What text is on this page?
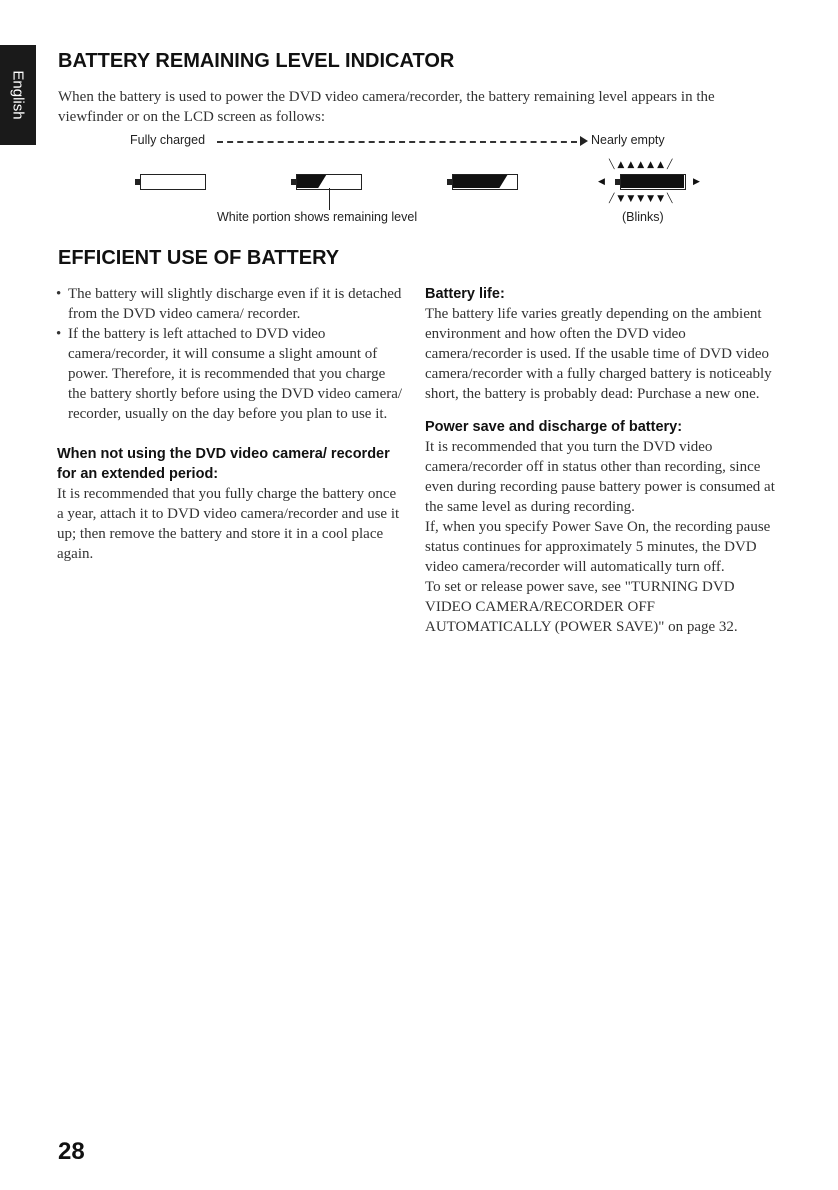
English
BATTERY REMAINING LEVEL INDICATOR

When the battery is used to power the DVD video camera/recorder, the battery remaining level appears in the viewfinder or on the LCD screen as follows:

Fully charged	Nearly empty
╲▲▲▲▲▲╱
◀	▶
╱▼▼▼▼▼╲
White portion shows remaining level	(Blinks)
EFFICIENT USE OF BATTERY
• The battery will slightly discharge even if it is detached from the DVD video camera/ recorder.
• If the battery is left attached to DVD video camera/recorder, it will consume a slight amount of power. Therefore, it is recommended that you charge the battery shortly before using the DVD video camera/ recorder, usually on the day before you plan to use it.

When not using the DVD video camera/ recorder for an extended period:

It is recommended that you fully charge the battery once a year, attach it to DVD video camera/recorder and use it up; then remove the battery and store it in a cool place again.

Battery life:

The battery life varies greatly depending on the ambient environment and how often the DVD video camera/recorder is used. If the usable time of DVD video camera/recorder with a fully charged battery is noticeably short, the battery is probably dead: Purchase a new one.

Power save and discharge of battery:

It is recommended that you turn the DVD video camera/recorder off in status other than recording, since even during recording pause battery power is consumed at the same level as during recording.

If, when you specify Power Save On, the recording pause status continues for approximately 5 minutes, the DVD video camera/recorder will automatically turn off.

To set or release power save, see "TURNING DVD VIDEO CAMERA/RECORDER OFF AUTOMATICALLY (POWER SAVE)" on page 32.

28
